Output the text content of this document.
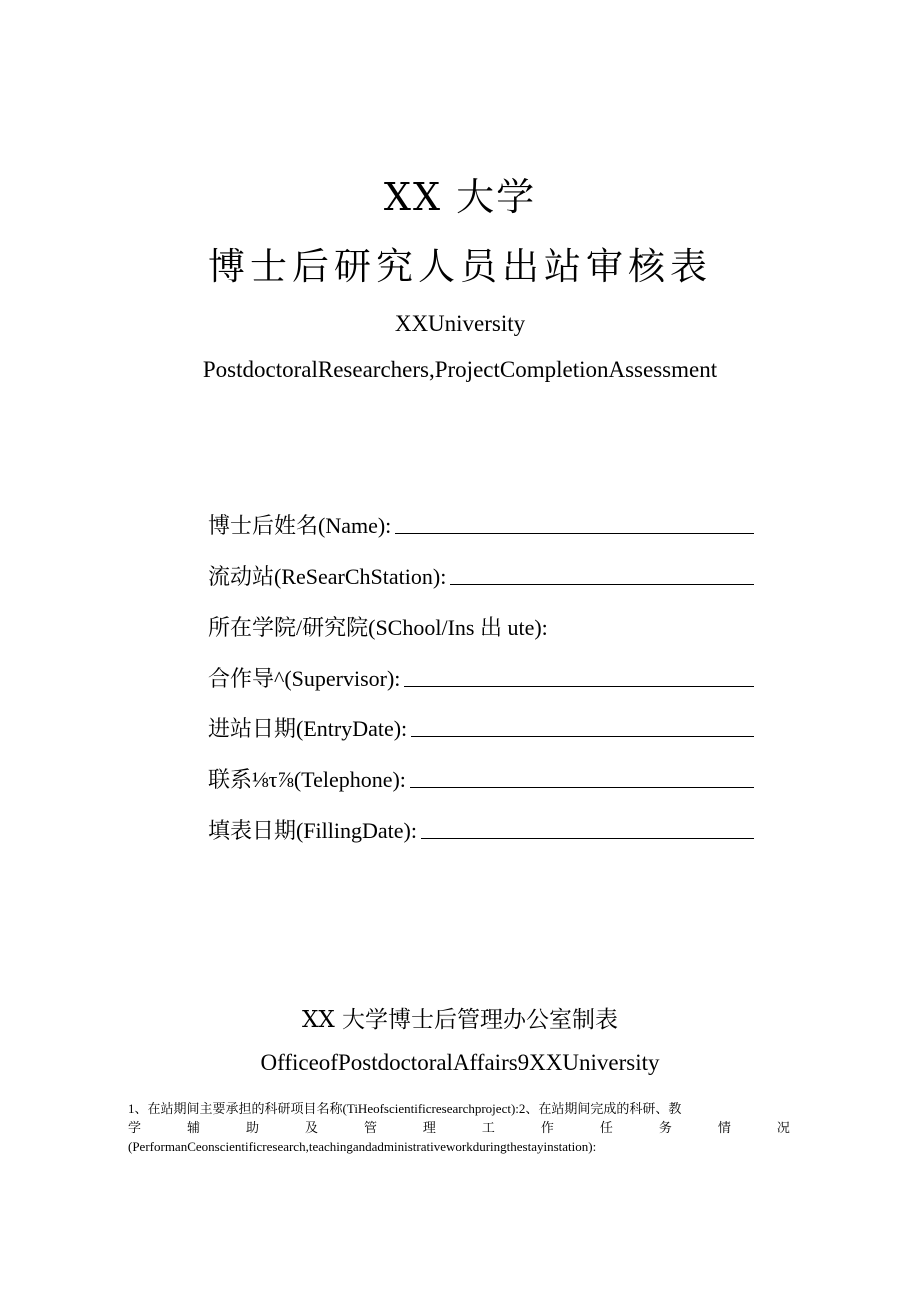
XX 大学
博士后研究人员出站审核表
XXUniversity
PostdoctoralResearchers,ProjectCompletionAssessment
博士后姓名(Name):
流动站(ReSearChStation):
所在学院/研究院(SChool/Ins 出 ute):
合作导^(Supervisor):
进站日期(EntryDate):
联系⅛τ⅞(Telephone):
填表日期(FillingDate):
XX 大学博士后管理办公室制表
OfficeofPostdoctoralAffairs9XXUniversity
1、在站期间主要承担的科研项目名称(TiHeofscientificresearchproject):2、在站期间完成的科研、教
学	辅	助	及	管	理	工	作	任	务	情	况
(PerformanCeonscientificresearch,teachingandadministrativeworkduringthestayinstation):
